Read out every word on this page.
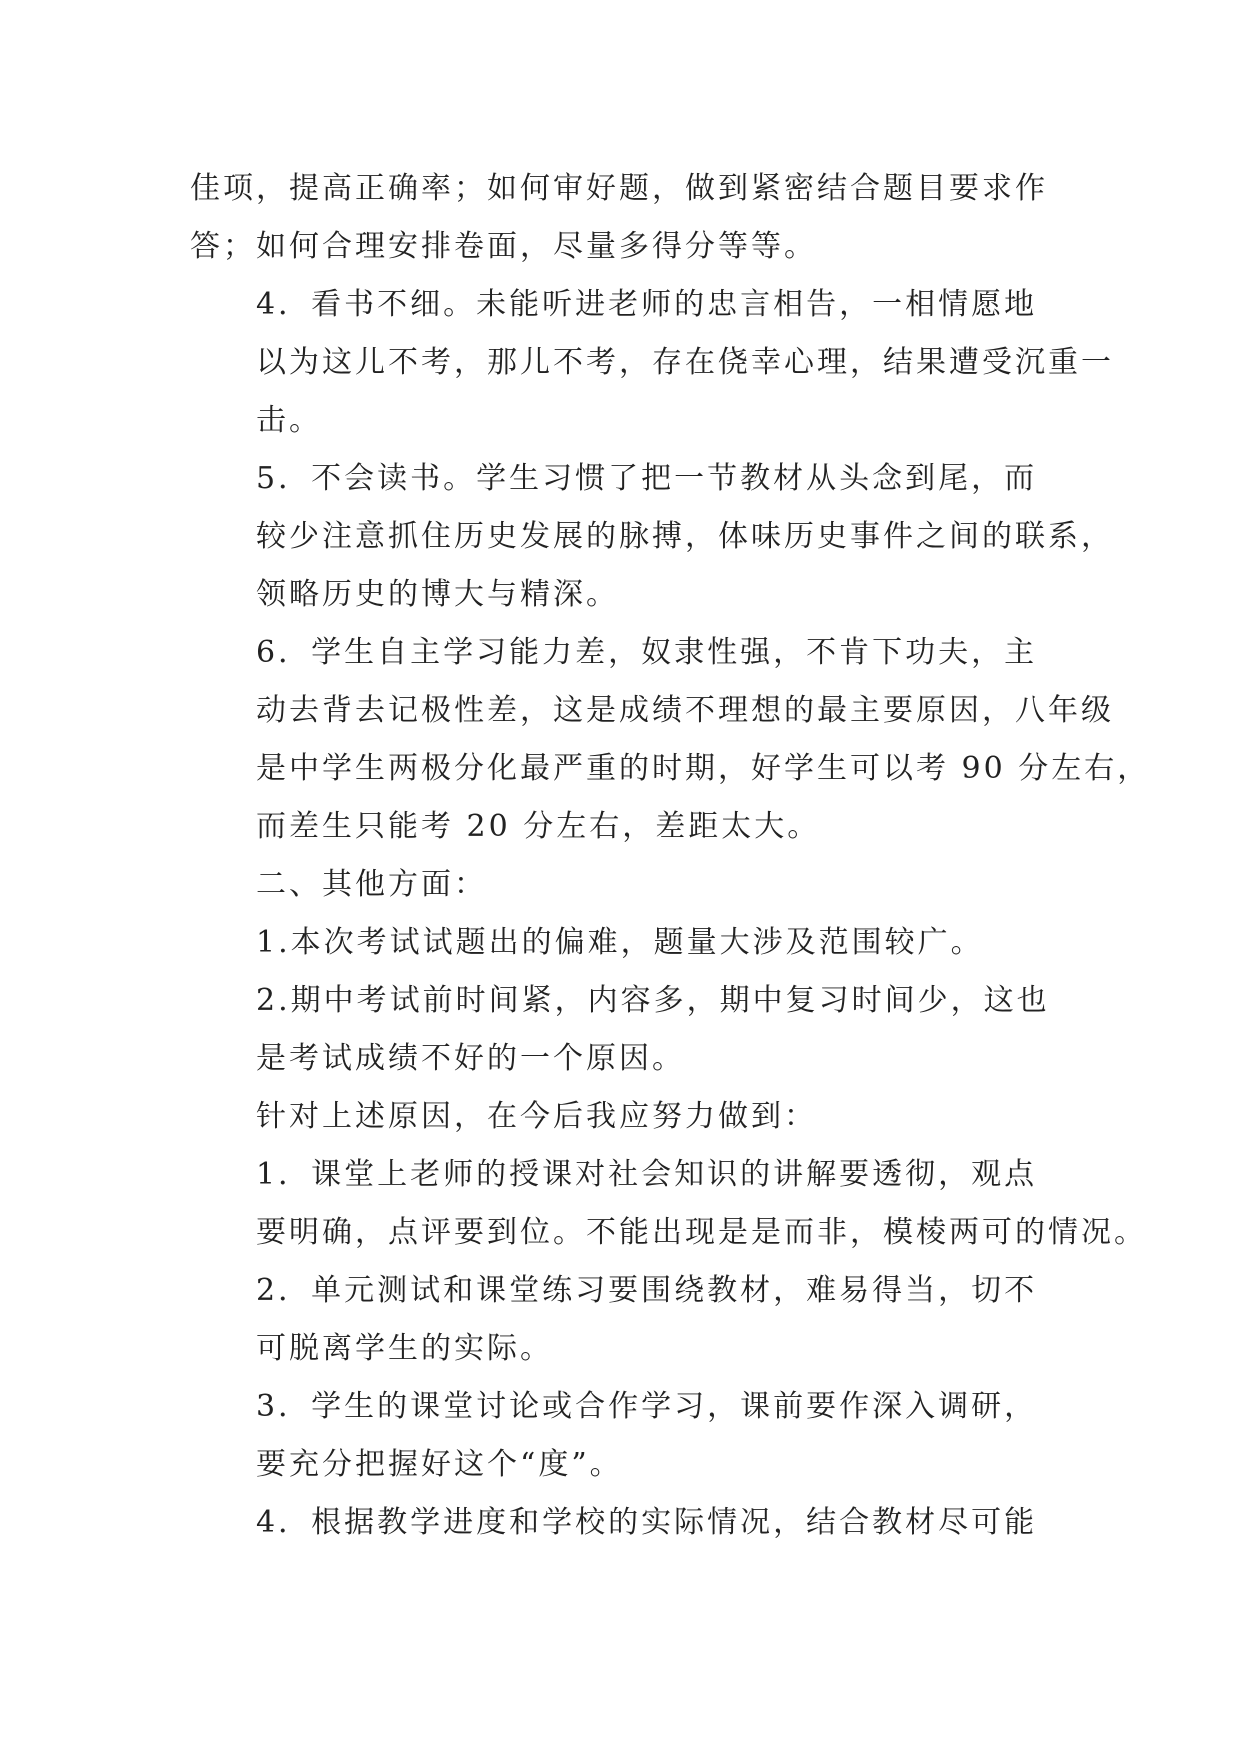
佳项，提高正确率；如何审好题，做到紧密结合题目要求作
答；如何合理安排卷面，尽量多得分等等。
4．看书不细。未能听进老师的忠言相告，一相情愿地
以为这儿不考，那儿不考，存在侥幸心理，结果遭受沉重一
击。
5．不会读书。学生习惯了把一节教材从头念到尾，而
较少注意抓住历史发展的脉搏，体味历史事件之间的联系，
领略历史的博大与精深。
6．学生自主学习能力差，奴隶性强，不肯下功夫，主
动去背去记极性差，这是成绩不理想的最主要原因，八年级
是中学生两极分化最严重的时期，好学生可以考 90 分左右，
而差生只能考 20 分左右，差距太大。
二、其他方面：
1.本次考试试题出的偏难，题量大涉及范围较广。
2.期中考试前时间紧，内容多，期中复习时间少，这也
是考试成绩不好的一个原因。
针对上述原因，在今后我应努力做到：
1．课堂上老师的授课对社会知识的讲解要透彻，观点
要明确，点评要到位。不能出现是是而非，模棱两可的情况。
2．单元测试和课堂练习要围绕教材，难易得当，切不
可脱离学生的实际。
3．学生的课堂讨论或合作学习，课前要作深入调研，
要充分把握好这个“度”。
4．根据教学进度和学校的实际情况，结合教材尽可能
